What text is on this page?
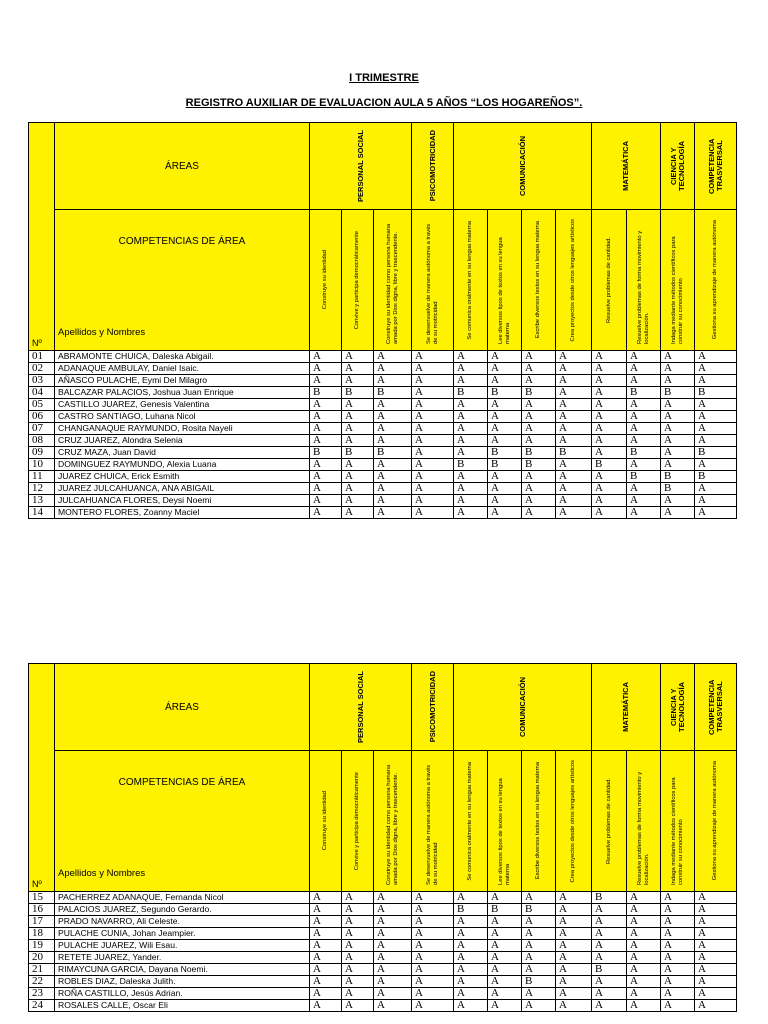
I TRIMESTRE
REGISTRO AUXILIAR DE EVALUACION AULA 5 AÑOS “LOS HOGAREÑOS”.
Nº	ÁREAS	PERSONAL SOCIAL			PSICOMOTRICIDAD	COMUNICACIÓN				MATEMÁTICA		CIENCIA Y TECNOLOGÍA	COMPETENCIA TRASVERSAL

	COMPETENCIAS DE ÁREA
Apellidos y Nombres	Construye su identidad	Convive y participa democráticamente	Construye su identidad como persona humana amada por Dios digna, libre y trascendente.	Se desenvuelve de manera autónoma a través de su motricidad	Se comunica oralmente en su lengua materna	Lee diversos tipos de textos en su lengua materna	Escribe diversos textos en su lengua materna	Crea proyectos desde otros lenguajes artísticos	Resuelve problemas de cantidad.	Resuelve problemas de forma movimiento y localización.	Indaga mediante métodos científicos para construir su conocimiento	Gestiona su aprendizaje de manera autónoma

01	ABRAMONTE CHUICA, Daleska Abigail.	A	A	A	A	A	A	A	A	A	A	A	A
02	ADANAQUE AMBULAY, Daniel Isaic.	A	A	A	A	A	A	A	A	A	A	A	A
03	AÑASCO PULACHE, Eymi Del Milagro	A	A	A	A	A	A	A	A	A	A	A	A
04	BALCAZAR PALACIOS, Joshua Juan Enrique	B	B	B	A	B	B	B	A	A	B	B	B
05	CASTILLO JUAREZ, Genesis Valentina	A	A	A	A	A	A	A	A	A	A	A	A
06	CASTRO SANTIAGO, Luhana Nicol	A	A	A	A	A	A	A	A	A	A	A	A
07	CHANGANAQUE RAYMUNDO, Rosita Nayeli	A	A	A	A	A	A	A	A	A	A	A	A
08	CRUZ JUAREZ, Alondra Selenia	A	A	A	A	A	A	A	A	A	A	A	A
09	CRUZ MAZA, Juan David	B	B	B	A	A	B	B	B	A	B	A	B
10	DOMINGUEZ RAYMUNDO, Alexia Luana	A	A	A	A	B	B	B	A	B	A	A	A
11	JUAREZ CHUICA, Erick Esmith	A	A	A	A	A	A	A	A	A	B	B	B
12	JUAREZ JULCAHUANCA, ANA ABIGAIL	A	A	A	A	A	A	A	A	A	A	B	A
13	JULCAHUANCA FLORES, Deysi Noemi	A	A	A	A	A	A	A	A	A	A	A	A
14	MONTERO FLORES, Zoanny Maciel	A	A	A	A	A	A	A	A	A	A	A	A
Nº	ÁREAS	PERSONAL SOCIAL			PSICOMOTRICIDAD	COMUNICACIÓN				MATEMÁTICA		CIENCIA Y TECNOLOGÍA	COMPETENCIA TRASVERSAL

	COMPETENCIAS DE ÁREA
Apellidos y Nombres	Construye su identidad	Convive y participa democráticamente	Construye su identidad como persona humana amada por Dios digna, libre y trascendente.	Se desenvuelve de manera autónoma a través de su motricidad	Se comunica oralmente en su lengua materna	Lee diversos tipos de textos en su lengua materna	Escribe diversos textos en su lengua materna	Crea proyectos desde otros lenguajes artísticos	Resuelve problemas de cantidad.	Resuelve problemas de forma movimiento y localización.	Indaga mediante métodos científicos para construir su conocimiento	Gestiona su aprendizaje de manera autónoma

15	PACHERREZ ADANAQUE, Fernanda Nicol	A	A	A	A	A	A	A	A	B	A	A	A
16	PALACIOS JUAREZ, Segundo Gerardo.	A	A	A	A	B	B	B	A	A	A	A	A
17	PRADO NAVARRO, Ali Celeste.	A	A	A	A	A	A	A	A	A	A	A	A
18	PULACHE CUNIA, Johan Jeampier.	A	A	A	A	A	A	A	A	A	A	A	A
19	PULACHE JUAREZ, Wili Esau.	A	A	A	A	A	A	A	A	A	A	A	A
20	RETETE JUAREZ, Yander.	A	A	A	A	A	A	A	A	A	A	A	A
21	RIMAYCUNA GARCIA, Dayana Noemi.	A	A	A	A	A	A	A	A	B	A	A	A
22	ROBLES DIAZ, Daleska Julith.	A	A	A	A	A	A	B	A	A	A	A	A
23	ROÑA CASTILLO, Jesús Adrian.	A	A	A	A	A	A	A	A	A	A	A	A
24	ROSALES CALLE, Oscar Eli	A	A	A	A	A	A	A	A	A	A	A	A
